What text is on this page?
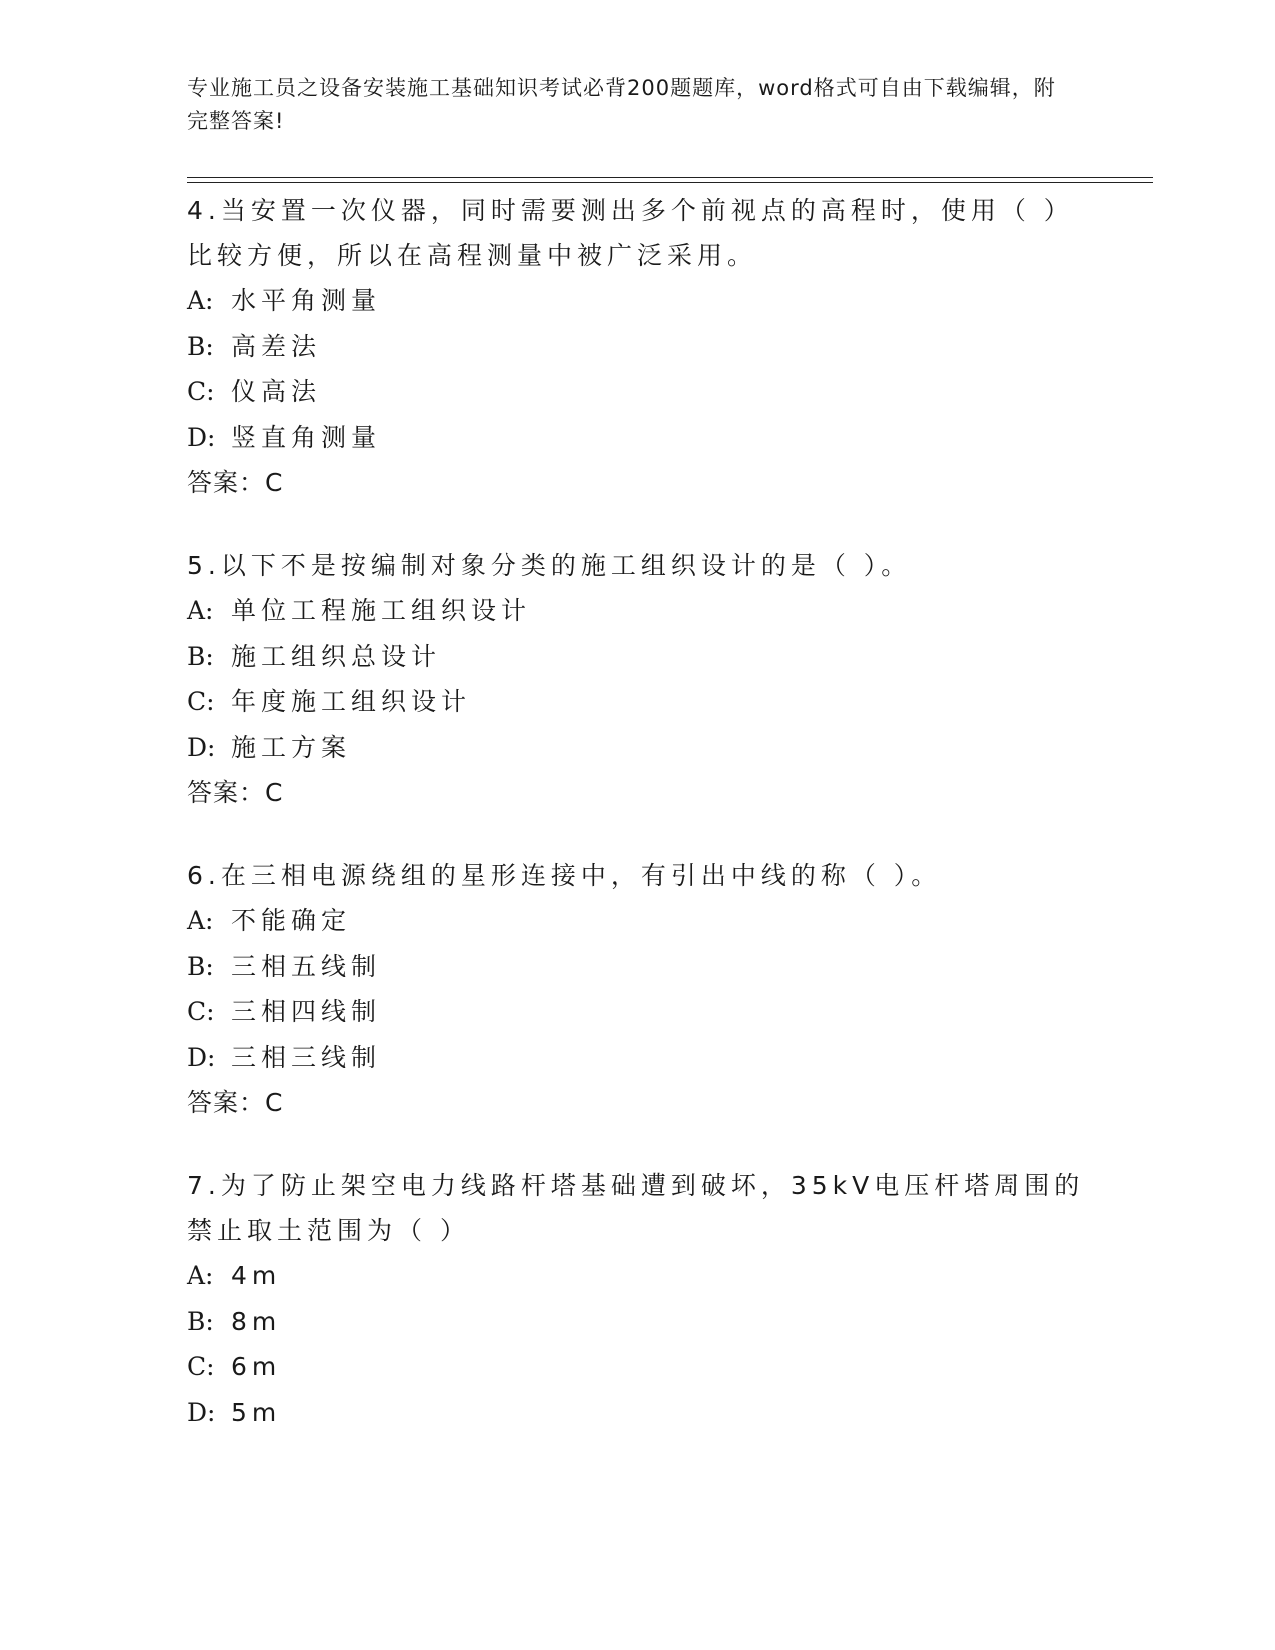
专业施工员之设备安装施工基础知识考试必背200题题库，word格式可自由下载编辑，附完整答案!

4.当安置一次仪器，同时需要测出多个前视点的高程时，使用（ ）比较方便，所以在高程测量中被广泛采用。

A: 水平角测量

B: 高差法

C: 仪高法

D: 竖直角测量

答案：C

5.以下不是按编制对象分类的施工组织设计的是（ ）。

A: 单位工程施工组织设计

B: 施工组织总设计

C: 年度施工组织设计

D: 施工方案

答案：C

6.在三相电源绕组的星形连接中，有引出中线的称（ ）。

A: 不能确定

B: 三相五线制

C: 三相四线制

D: 三相三线制

答案：C

7.为了防止架空电力线路杆塔基础遭到破坏，35kV电压杆塔周围的禁止取土范围为（ ）

A: 4m

B: 8m

C: 6m

D: 5m
